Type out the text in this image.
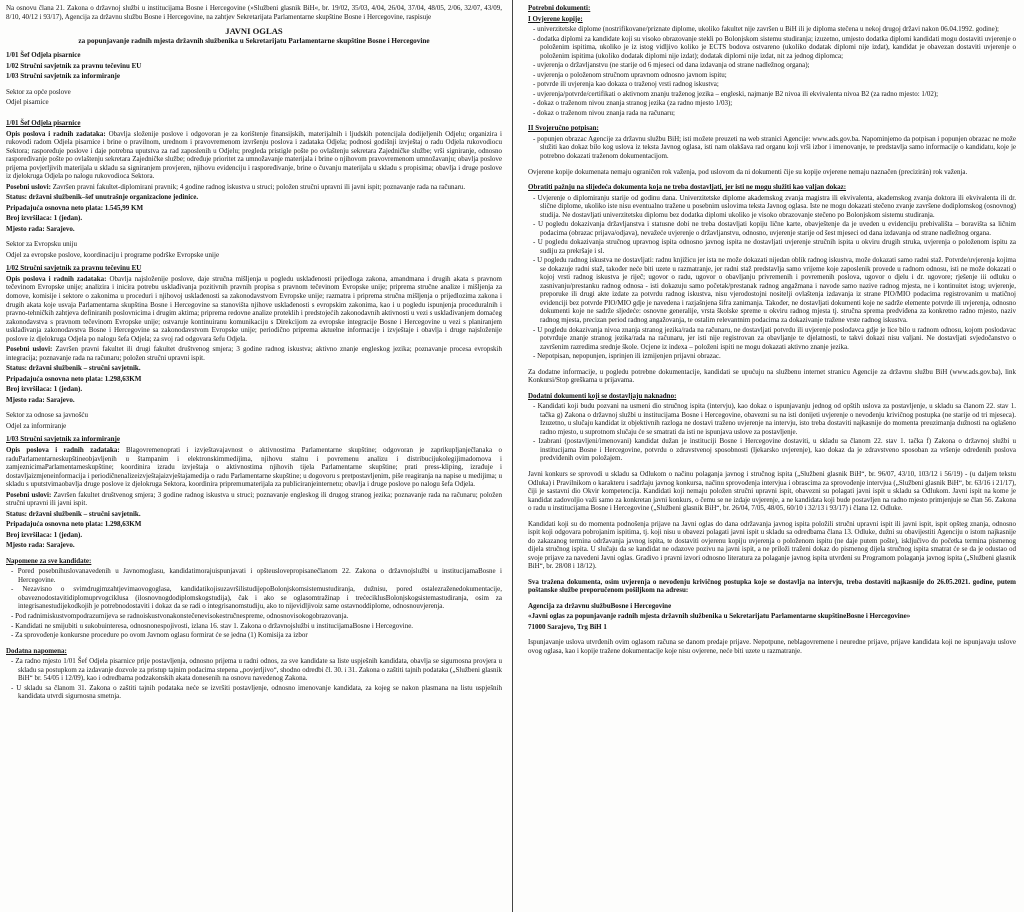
Na osnovu člana 21. Zakona o državnoj službi u institucijama Bosne i Hercegovine (»Službeni glasnik BiH«, br. 19/02, 35/03, 4/04, 26/04, 37/04, 48/05, 2/06, 32/07, 43/09, 8/10, 40/12 i 93/17), Agencija za državnu službu Bosne i Hercegovine, na zahtjev Sekretarijata Parlamentarne skupštine Bosne i Hercegovine, raspisuje

JAVNI OGLAS

za popunjavanje radnih mjesta državnih službenika u Sekretarijatu Parlamentarne skupštine Bosne i Hercegovine

1/01 Šef Odjela pisarnice

1/02 Stručni savjetnik za pravnu tečevinu EU

1/03 Stručni savjetnik za informiranje

Sektor za opće poslove

Odjel pisarnice

1/01 Šef Odjela pisarnice

Opis poslova i radnih zadataka: Obavlja složenije poslove i odgovoran je za korištenje finansijskih, materijalnih i ljudskih potencijala dodijeljenih Odjelu; organizira i rukovodi radom Odjela pisarnice i brine o pravilnom, urednom i pravovremenom izvršenju poslova i zadataka Odjela; podnosi godišnji izvještaj o radu Odjela rukovodiocu Sektora; raspoređuje poslove i daje potrebna uputstva za rad zaposlenih u Odjelu; pregleda pristigle pošte po ovlaštenju sekretara Zajedničke službe; vrši signiranje, odnosno raspoređivanje pošte po ovlaštenju sekretara Zajedničke službe; određuje prioritet za umnožavanje materijala i brine o njihovom pravovremenom umnožavanju; obavlja poslove prijema povjerljivih materijala u skladu sa signiranjem provjeren, njihovu evidenciju i raspoređivanje, brine o čuvanju materijala u skladu s propisima; obavlja i druge poslove iz djelokruga Odjela po nalogu rukovodioca Sektora.

Posebni uslovi: Završen pravni fakultet-diplomirani pravnik; 4 godine radnog iskustva u struci; položen stručni upravni ili javni ispit; poznavanje rada na računaru.

Status: državni službenik–šef unutrašnje organizacione jedinice.

Pripadajuća osnovna neto plata: 1.545,99 KM

Broj izvršilaca: 1 (jedan).

Mjesto rada: Sarajevo.

Sektor za Evropsku uniju

Odjel za evropske poslove, koordinaciju i programe podrške Evropske unije

1/02 Stručni savjetnik za pravnu tečevinu EU

Opis poslova i radnih zadataka: Obavlja najsloženije poslove, daje stručna mišljenja u pogledu usklađenosti prijedloga zakona, amandmana i drugih akata s pravnom tečevinom Evropske unije; analizira i inicira potrebu usklađivanja pozitivnih pravnih propisa s pravnom tečevinom Evropske unije; priprema stručne analize i mišljenja za domove, komisije i sektore o zakonima u proceduri i njihovoj usklađenosti sa zakonodavstvom Evropske unije; razmatra i priprema stručna mišljenja o prijedlozima zakona i drugih akata koje usvaja Parlamentarna skupština Bosne i Hercegovine sa stanovišta njihove usklađenosti s evropskim zakonima, kao i u pogledu ispunjenja proceduralnih i pravno-tehničkih zahtjeva definiranih poslovnicima i drugim aktima; priprema redovne analize proteklih i predstojećih zakonodavnih aktivnosti u vezi s usklađivanjem domaćeg zakonodavstva s pravnom tečevinom Evropske unije; ostvaruje kontinuiranu komunikaciju s Direkcijom za evropske integracije Bosne i Hercegovine u vezi s planiranjem usklađivanja zakonodavstva Bosne i Hercegovine sa zakonodavstvom Evropske unije; periodično priprema aktuelne informacije i izvještaje i obavlja i druge najsloženije poslove iz djelokruga Odjela po nalogu šefa Odjela; za svoj rad odgovara šefu Odjela.

Posebni uslovi: Završen pravni fakultet ili drugi fakultet društvenog smjera; 3 godine radnog iskustva; aktivno znanje engleskog jezika; poznavanje procesa evropskih integracija; poznavanje rada na računaru; položen stručni upravni ispit.

Status: državni službenik – stručni savjetnik.

Pripadajuća osnovna neto plata: 1.298,63KM

Broj izvršilaca: 1 (jedan).

Mjesto rada: Sarajevo.

Sektor za odnose sa javnošću

Odjel za informiranje

1/03 Stručni savjetnik za informiranje

Opis poslova i radnih zadataka: Blagovremenoprati i izvještavajavnost o aktivnostima Parlamentarne skupštine; odgovoran je zaprikupljanječlanaka o raduParlamentarneskupštineobjavljenih u štampanim i elektronskimmedijima, njihovu stalnu i povremenu analizu i distribucijukolegijimadomova i zamjeznicimaParlamentarneskupštine; koordinira izradu izvještaja o aktivnostima njihovih tijela Parlamentarne skupštine; prati press-kliping, izrađuje i dostavljaizmjeneinformacija i periodičnenalizeizvještajaizvještajamedija o radu Parlamentarne skupštine; u dogovoru s pretpostavljenim, piše reagiranja na napise u medijima; u skladu s uputstvimaobavlja druge poslove iz djelokruga Sektora, koordinira pripremumaterijala za publiciranjeinternetu; obavlja i druge poslove po nalogu šefa Odjela.

Posebni uslovi: Završen fakultet društvenog smjera; 3 godine radnog iskustva u struci; poznavanje engleskog ili drugog stranog jezika; poznavanje rada na računaru; položen stručni upravni ili javni ispit.

Status: državni službenik – stručni savjetnik.

Pripadajuća osnovna neto plata: 1.298,63KM

Broj izvršilaca: 1 (jedan).

Mjesto rada: Sarajevo.

Napomene za sve kandidate:

- Pored posebnihuslovanavedenih u Javnomoglasu, kandidatimorajuispunjavati i opšteuslovepropisanečlanom 22. Zakona o državnojslužbi u institucijamaBosne i Hercegovine.
- Nezavisno o svimdrugimzahtjevimaovogoglasa, kandidatikojisuzavršilistudijepoBolonjskomsistemustudiranja, dužnisu, pored ostalezraženedokumentacije, obaveznodostavitidiplomuprvogciklusa (ilosnovnogdodiplomskogstudija), čak i ako se oglasomtražinap i trećeciklusBolonjskogsistemastudiranja, osim za integrisanestudijekodkojih je potrebnodostaviti i dokaz da se radi o integrisanomstudiju, ako to nijevidljivoiz same ostavnoddiplome, odnosnouvjerenja.
- Pod radnimiskustvompodrazumijeva se radnoiskustvonakonstečenevisokestručnespreme, odnosnovisokogobrazovanja.
- Kandidati ne smijubiti u sukobuinteresa, odnosnonespojivosti, izlana 16. stav 1. Zakona o državnojslužbi u institucijamaBosne i Hercegovine.
- Za sprovođenje konkursne procedure po ovom Javnom oglasu formirat će se jedna (1) Komisija za izbor

Dodatna napomena:

- Za radno mjesto 1/01 Šef Odjela pisarnice prije postavljenja, odnosno prijema u radni odnos, za sve kandidate sa liste uspješnih kandidata, obavlja se sigurnosna provjera u skladu sa postupkom za izdavanje dozvole za pristup tajnim podacima stepena „povjerljivo“, shodno odredbi čl. 30. i 31. Zakona o zaštiti tajnih podataka („Službeni glasnik BiH“ br. 54/05 i 12/09), kao i odredbama podzakonskih akata donesenih na osnovu navedenog Zakona.
- U skladu sa članom 31. Zakona o zaštiti tajnih podataka neće se izvršiti postavljenje, odnosno imenovanje kandidata, za kojeg se nakon plasmana na listu uspješnih kandidata utvrdi sigurnosna smetnja.

Potrebni dokumenti:

I Ovjerene kopije:

- univerzitetske diplome (nostrifikovane/priznate diplome, ukoliko fakultet nije završen u BiH ili je diploma stečena u nekoj drugoj državi nakon 06.04.1992. godine);
- dodatka diplomi za kandidate koji su visoko obrazovanje stekli po Bolonjskom sistemu studiranja; izuzetno, umjesto dodatka diplomi kandidati mogu dostaviti uvjerenje o položenim ispitima, ukoliko je iz istog vidljivo koliko je ECTS bodova ostvareno (ukoliko dodatak diplomi nije izdat), kandidat je obavezan dostaviti uvjerenje o položenim ispitima (ukoliko dodatak diplomi nije izdat); dodatak diplomi nije izdat, nit za jednog diplomca;
- uvjerenja o državljanstvu (ne starije od 6 mjeseci od dana izdavanja od strane nadležnog organa);
- uvjerenja o položenom stručnom upravnom odnosno javnom ispitu;
- potvrde ili uvjerenja kao dokaza o traženoj vrsti radnog iskustva;
- uvjerenja/potvrde/certifikati o aktivnom znanju traženog jezika – engleski, najmanje B2 nivoa ili ekvivalenta nivoa B2 (za radno mjesto: 1/02);
- dokaz o traženom nivou znanja stranog jezika (za radno mjesto 1/03);
- dokaz o traženom nivou znanja rada na računaru;

II Svojeručno potpisan:

- popunjen obrazac Agencije za državnu službu BiH; isti možete preuzeti na web stranici Agencije: www.ads.gov.ba. Napominjemo da potpisan i popunjen obrazac ne može služiti kao dokaz bilo kog uslova iz teksta Javnog oglasa, isti nam olakšava rad organu koji vrši izbor i imenovanje, te predstavlja samo informacije o kandidatu, koje je potrebno dokazati traženom dokumentacijom.

Ovjerene kopije dokumenata nemaju ograničen rok važenja, pod uslovom da ni dokumenti čije su kopije ovjerene nemaju naznačen (precizirán) rok važenja.

Obratiti pažnju na slijedeća dokumenta koja ne treba dostavljati, jer isti ne mogu služiti kao valjan dokaz:

- Uvjerenje o diplomiranju starije od godinu dana. Univerzitetske diplome akademskog zvanja magistra ili ekvivalenta, akademskog zvanja doktora ili ekvivalenta ili dr. slične diplome, ukoliko iste nisu eventualno tražene u posebnim uslovima teksta Javnog oglasa. Iste ne mogu dokazati stečeno zvanje završene dodiplomskog (osnovnog) studija. Ne dostavljati univerzitetsku diplomu bez dodatka diplomi ukoliko je visoko obrazovanje stečeno po Bolonjskom sistemu studiranja.
- U pogledu dokazivanja državljanstva i statusne dobi ne treba dostavljati kopiju lične karte, obavještenje da je uveden u evidenciju prebivališta – boravišta sa ličnim podacima (obrazac prijava/odjava), nevažeće uvjerenje o državljanstvu, odnosno, uvjerenje starije od šest mjeseci od dana izdavanja od strane nadležnog organa.
- U pogledu dokazivanja stručnog upravnog ispita odnosno javnog ispita ne dostavljati uvjerenje stručnih ispita u okviru drugih struka, uvjerenja o položenom ispitu za sudiju za prekršaje i sl.
- U pogledu radnog iskustva ne dostavljati: radnu knjižicu jer ista ne može dokazati nijedan oblik radnog iskustva, može dokazati samo radni staž. Potvrde/uvjerenja kojima se dokazuje radni staž, također neće biti uzete u razmatranje, jer radni staž predstavlja samo vrijeme koje zaposlenik provede u radnom odnosu, isti ne može dokazati o kojoj vrsti radnog iskustva je riječ; ugovor o radu, ugovor o obavljanju privremenih i povremenih poslova, ugovor o djelu i dr. ugovore; rješenje iii odluku o zasnivanju/prestanku radnog odnosa - isti dokazuju samo početak/prestanak radnog angažmana i navode samo nazive radnog mjesta, ne i kontinuitet istog; uvjerenje, preporuke ili drugi akte izdate za potvrdu radnog iskustva, nisu vjerodostojni nositelji ovlaštenja izdavanja iz strane PIO/MIO podacima registrovanim u matičnoj evidenciji bez potvrde PIO/MIO gdje je navedena i razjašnjena šifra zanimanja. Također, ne dostavljati dokumenti koje ne sadrže elemente potvrde ili uvjerenja, odnosno dokumenti koje ne sadrže sljedeće: osnovne generalije, vrsta školske spreme u okviru radnog mjesta tj. stručna sprema predviđena za konkretno radno mjesto, naziv radnog mjesta, precizan period radnog angažovanja, te ostalim relevantnim podacima za dokazivanje tražene vrste radnog iskustva.
- U pogledu dokazivanja nivoa znanja stranog jezika/rada na računaru, ne dostavljati potvrdu ili uvjerenje poslodavca gdje je lice bilo u radnom odnosu, kojom poslodavac potvrđuje znanje stranog jezika/rada na računaru, jer isti nije registrovan za obavljanje te djelatnosti, te takvi dokazi nisu valjani. Ne dostavljati svjedočanstvo o završenim razredima srednje škole. Ocjene iz indexa – položeni ispiti ne mogu dokazati aktivno znanje jezika.
- Nepotpisan, nepopunjen, isprinjen ili izmijenjen prijavni obrazac.

Za dodatne informacije, u pogledu potrebne dokumentacije, kandidati se upućuju na službenu internet stranicu Agencije za državnu službu BiH (www.ads.gov.ba), link Konkursi/Stop greškama u prijavama.

Dodatni dokumenti koji se dostavljaju naknadno:

- Kandidati koji budu pozvani na usmeni dio stručnog ispita (intervju), kao dokaz o ispunjavanju jednog od opštih uslova za postavljenje, u skladu sa članom 22. stav 1. tačka g) Zakona o državnoj službi u institucijama Bosne i Hercegovine, obavezni su na isti donijeti uvjerenje o nevođenju krivičnog postupka (ne starije od tri mjeseca). Izuzetno, u slučaju kandidat iz objektivnih razloga ne dostavi traženo uvjerenje na intervju, isto treba dostaviti najkasnije do momenta preuzimanja dužnosti na oglašeno radno mjesto, u suprotnom slučaju će se smatrati da isti ne ispunjava uslove za postavljenje.
- Izabrani (postavljeni/imenovani) kandidat dužan je instituciji Bosne i Hercegovine dostaviti, u skladu sa članom 22. stav 1. tačka f) Zakona o državnoj službi u institucijama Bosne i Hercegovine, potvrdu o zdravstvenoj sposobnosti (ljekarsko uvjerenje), kao dokaz da je zdravstveno sposoban za vršenje određenih poslova predviđenih ovim položajem.

Javni konkurs se sprovodi u skladu sa Odlukom o načinu polaganja javnog i stručnog ispita („Službeni glasnik BiH“, br. 96/07, 43/10, 103/12 i 56/19) - (u daljem tekstu Odluka) i Pravilnikom o karakteru i sadržaju javnog konkursa, načinu sprovođenja intervjua i obrascima za sprovođenje intervjua („Službeni glasnik BiH“, br. 63/16 i 21/17), čiji je sastavni dio Okvir kompetencija. Kandidati koji nemaju položen stručni upravni ispit, obavezni su polagati javni ispit u skladu sa Odlukom. Javni ispit na kome je kandidat zadovoljio važi samo za konkretan javni konkurs, o čemu se ne izdaje uvjerenje, a ne kandidata koji bude postavljen na radno mjesto primjenjuje se član 56. Zakona o radu u institucijama Bosne i Hercegovine („Službeni glasnik BiH“, br. 26/04, 7/05, 48/05, 60/10 i 32/13 i 93/17) i člana 12. Odluke.

Kandidati koji su do momenta podnošenja prijave na Javni oglas do dana održavanja javnog ispita položili stručni upravni ispit ili javni ispit, ispit opšteg znanja, odnosno ispit koji odgovara pobrojanim ispitima, tj. koji nisu u obavezi polagati javni ispit u skladu sa odredbama člana 13. Odluke, dužni su obavijestiti Agenciju o istom najkasnije do zakazanog termina održavanja javnog ispita, te dostaviti ovjerenu kopiju uvjerenja o položenom ispitu (ne daje putem pošte), isključivo do početka termina pismenog dijela stručnog ispita. U slučaju da se kandidat ne odazove pozivu na javni ispit, a ne priloži traženi dokaz do pismenog dijela stručnog ispita smatrat će se da je odustao od svoje prijave za navedeni Javni oglas. Gradivo i pravni izvori odnosno literatura za polaganje javnog ispita utvrđeni su Programom polaganja javnog ispita („Službeni glasnik BiH“, br. 28/08 i 18/12).

Sva tražena dokumenta, osim uvjerenja o nevođenju krivičnog postupka koje se dostavlja na intervju, treba dostaviti najkasnije do 26.05.2021. godine, putem poštanske službe preporučenom pošiljkom na adresu:

Agencija za državnu službuBosne i Hercegovine

«Javni oglas za popunjavanje radnih mjesta državnih službenika u Sekretarijatu Parlamentarne skupštineBosne i Hercegovine»

71000 Sarajevo, Trg BiH 1

Ispunjavanje uslova utvrđenih ovim oglasom računa se danom predaje prijave. Nepotpune, neblagovremene i neuredne prijave, prijave kandidata koji ne ispunjavaju uslove ovog oglasa, kao i kopije tražene dokumentacije koje nisu ovjerene, neće biti uzete u razmatranje.
